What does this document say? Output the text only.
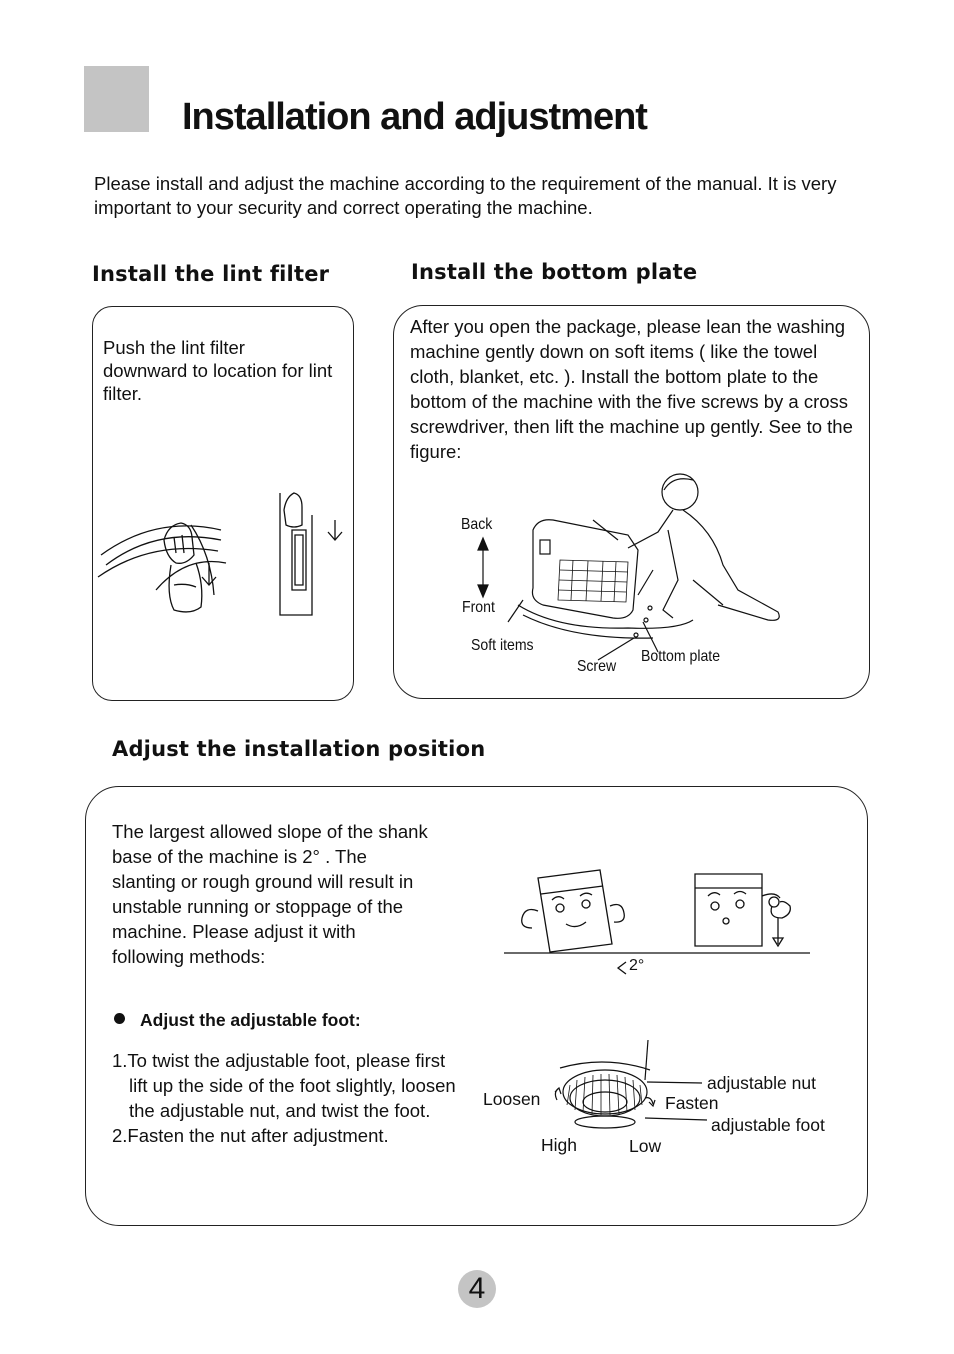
Installation and adjustment

Please install and adjust the machine according to the requirement of the manual. It is very important to your security and correct operating the machine.

Install the lint filter

Push the lint filter downward to location for lint filter.

Install the bottom plate

After you open the package, please lean the washing machine gently down on soft items ( like the towel cloth, blanket, etc. ). Install the bottom plate to the bottom of the machine with the five screws by a cross screwdriver, then lift the machine up gently. See to the figure:

Back
Front
Soft items
Screw
Bottom plate
Adjust the installation position

The largest allowed slope of the shank base of the machine is 2° . The slanting or rough ground will result in unstable running or stoppage of the machine. Please adjust it with following methods:	2°
Adjust the adjustable foot:
1.To twist the adjustable foot, please first lift up the side of the foot slightly, loosen the adjustable nut, and twist the foot.
2.Fasten the nut after adjustment.
Loosen	Fasten
adjustable nut
adjustable foot
High	Low
4
